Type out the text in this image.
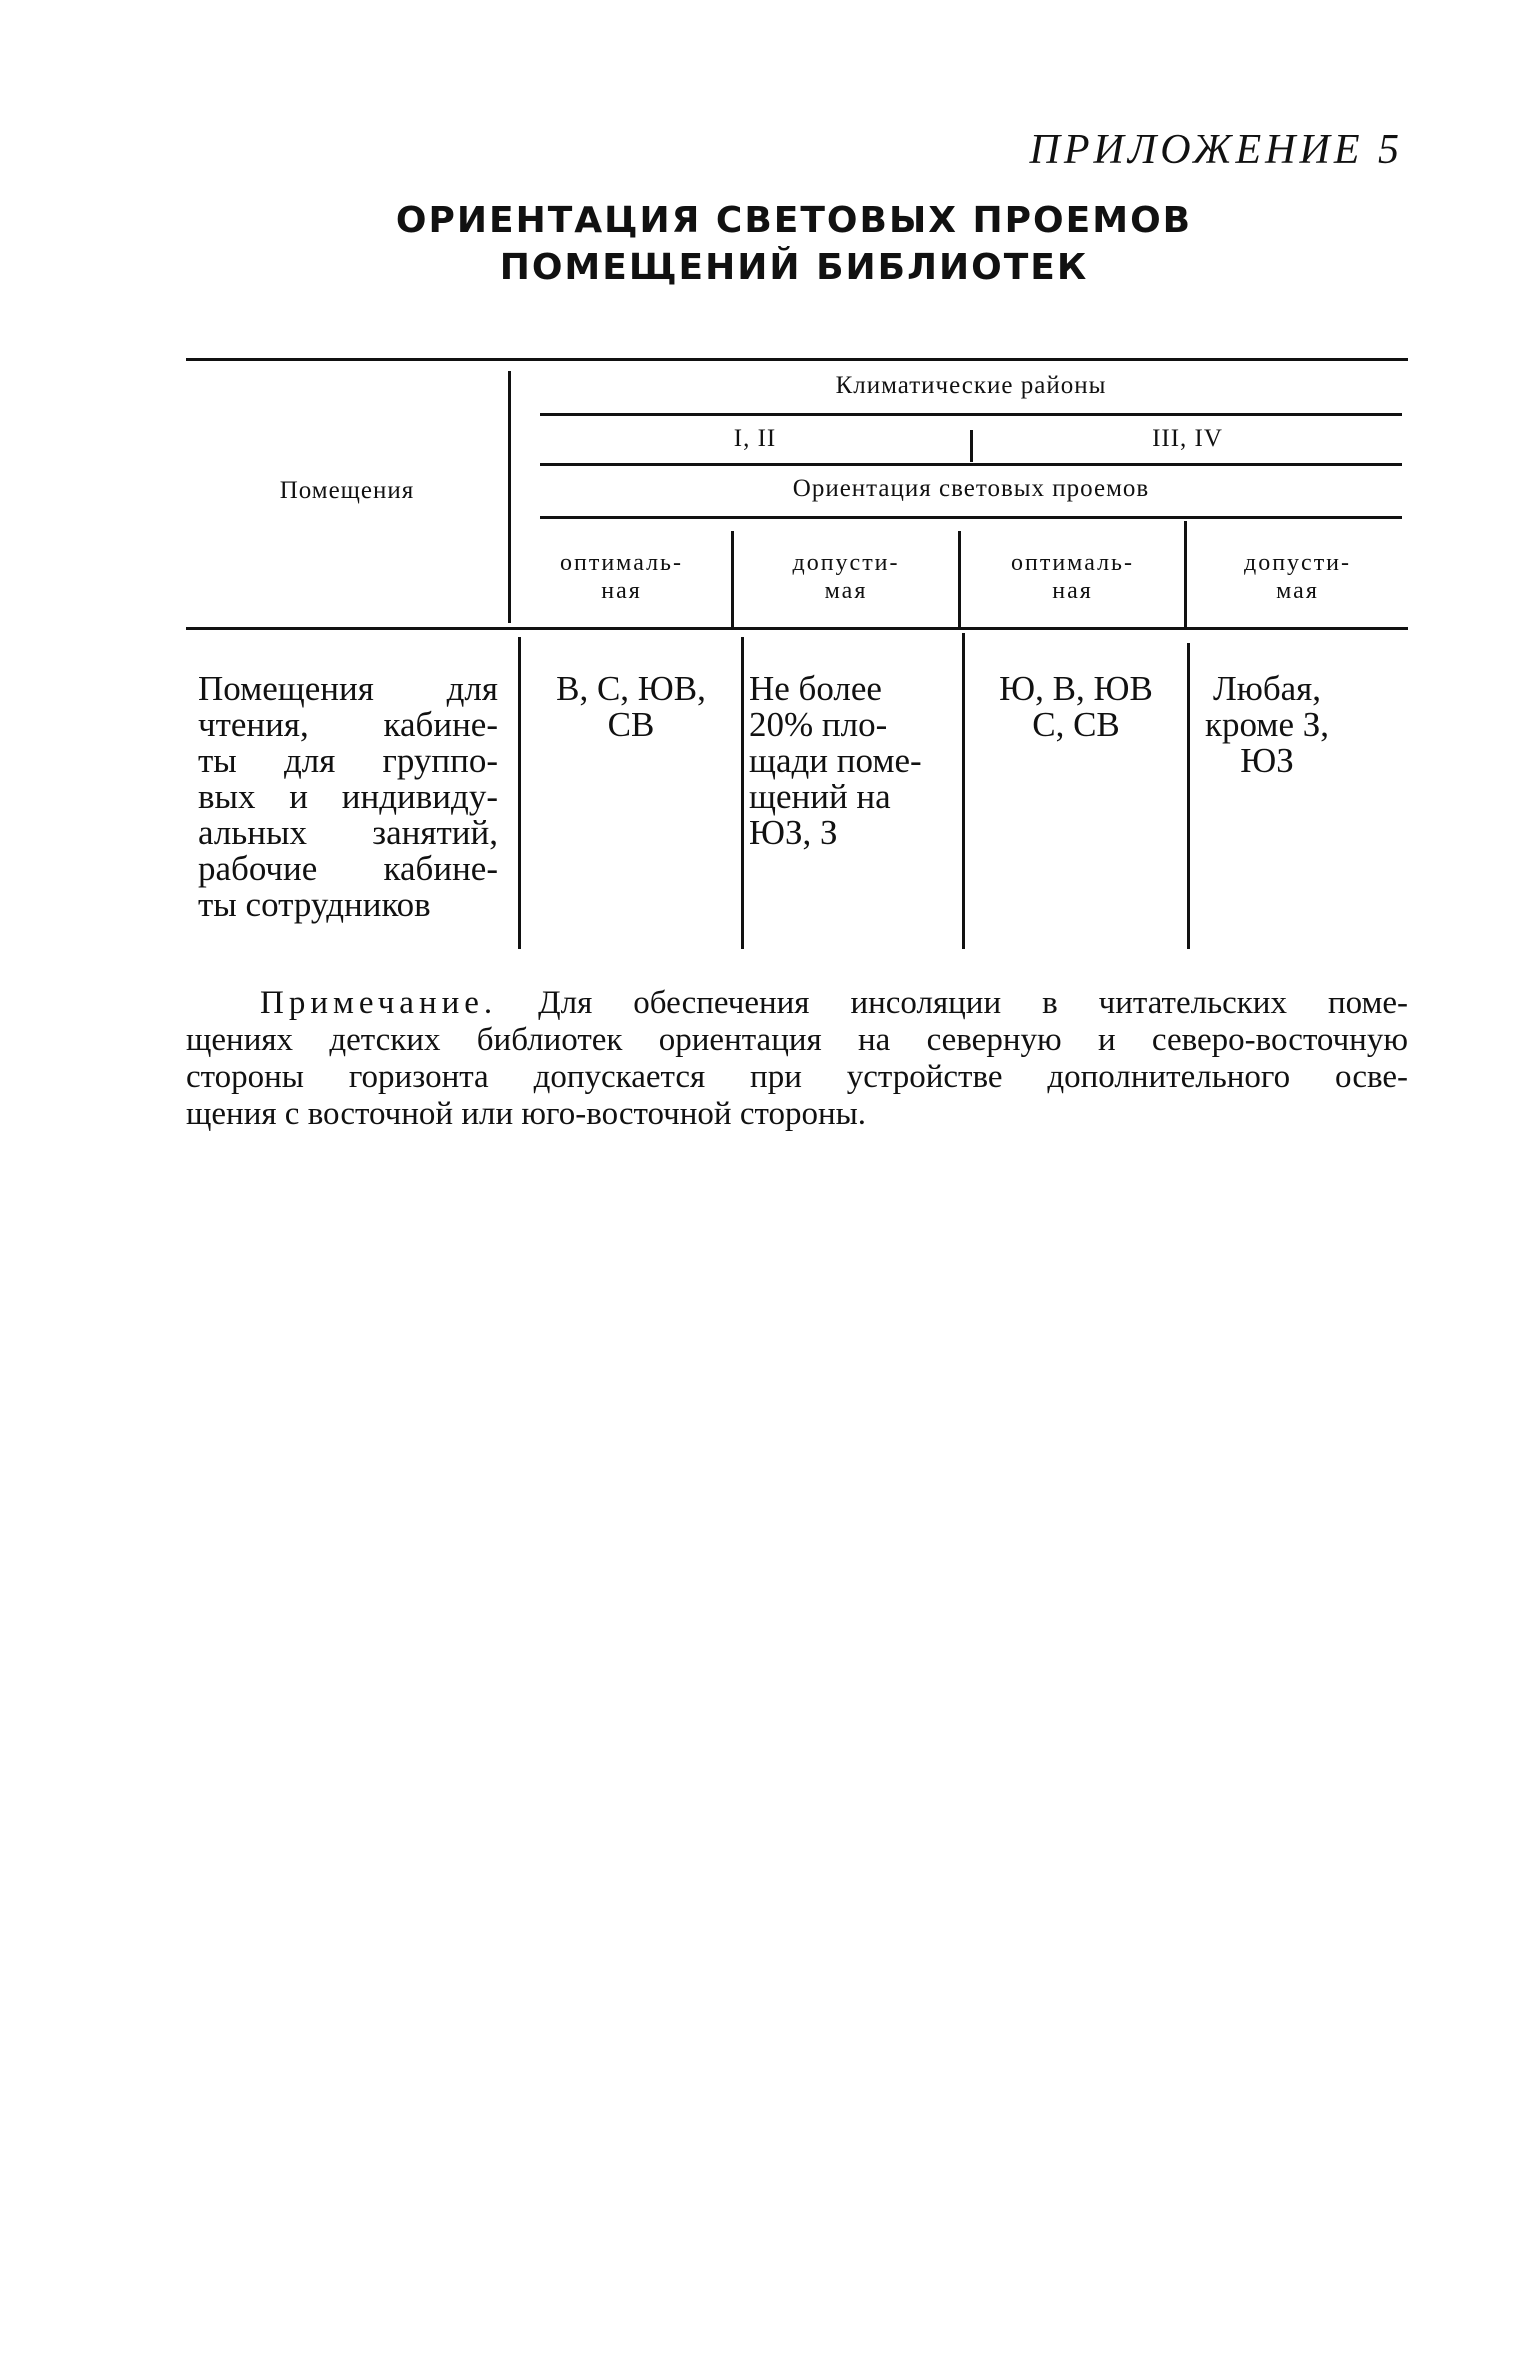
ПРИЛОЖЕНИЕ 5
ОРИЕНТАЦИЯ СВЕТОВЫХ ПРОЕМОВ
ПОМЕЩЕНИЙ БИБЛИОТЕК
Помещения
Климатические районы
I, II	III, IV
Ориентация световых проемов
оптималь-
ная
допусти-
мая
оптималь-
ная
допусти-
мая
Помещения для
чтения, кабине-
ты для группо-
вых и индивиду-
альных занятий,
рабочие кабине-
ты сотрудников
В, С, ЮВ,
СВ
Не более
20% пло-
щади поме-
щений на
ЮЗ, З
Ю, В, ЮВ
С, СВ
Любая,
кроме З,
ЮЗ
Примечание. Для обеспечения инсоляции в читательских поме-
щениях детских библиотек ориентация на северную и северо-восточную
стороны горизонта допускается при устройстве дополнительного осве-
щения с восточной или юго-восточной стороны.
